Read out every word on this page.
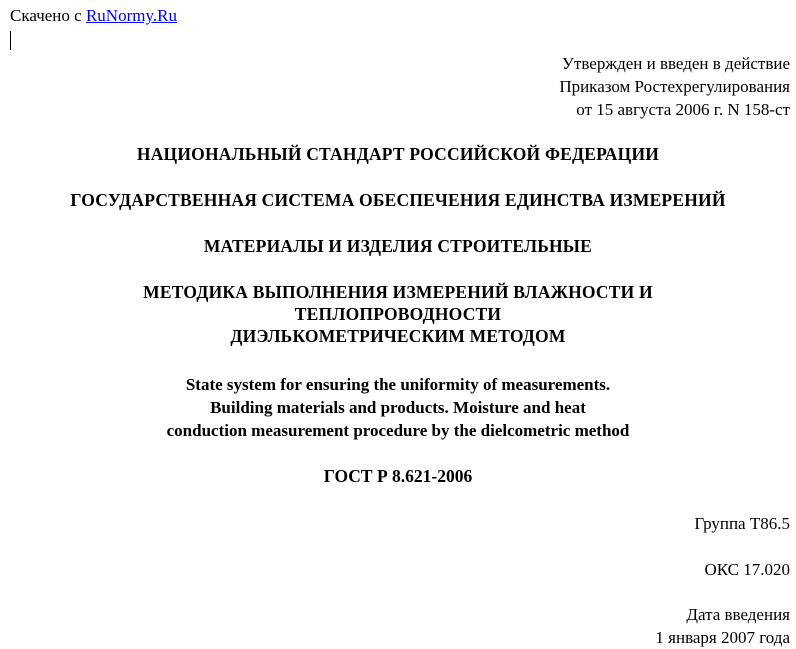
Скачено с RuNormy.Ru
Утвержден и введен в действие
Приказом Ростехрегулирования
от 15 августа 2006 г. N 158-ст
НАЦИОНАЛЬНЫЙ СТАНДАРТ РОССИЙСКОЙ ФЕДЕРАЦИИ
ГОСУДАРСТВЕННАЯ СИСТЕМА ОБЕСПЕЧЕНИЯ ЕДИНСТВА ИЗМЕРЕНИЙ
МАТЕРИАЛЫ И ИЗДЕЛИЯ СТРОИТЕЛЬНЫЕ
МЕТОДИКА ВЫПОЛНЕНИЯ ИЗМЕРЕНИЙ ВЛАЖНОСТИ И
ТЕПЛОПРОВОДНОСТИ
ДИЭЛЬКОМЕТРИЧЕСКИМ МЕТОДОМ
State system for ensuring the uniformity of measurements.
Building materials and products. Moisture and heat
conduction measurement procedure by the dielcometric method
ГОСТ Р 8.621-2006
Группа Т86.5
ОКС 17.020
Дата введения
1 января 2007 года
